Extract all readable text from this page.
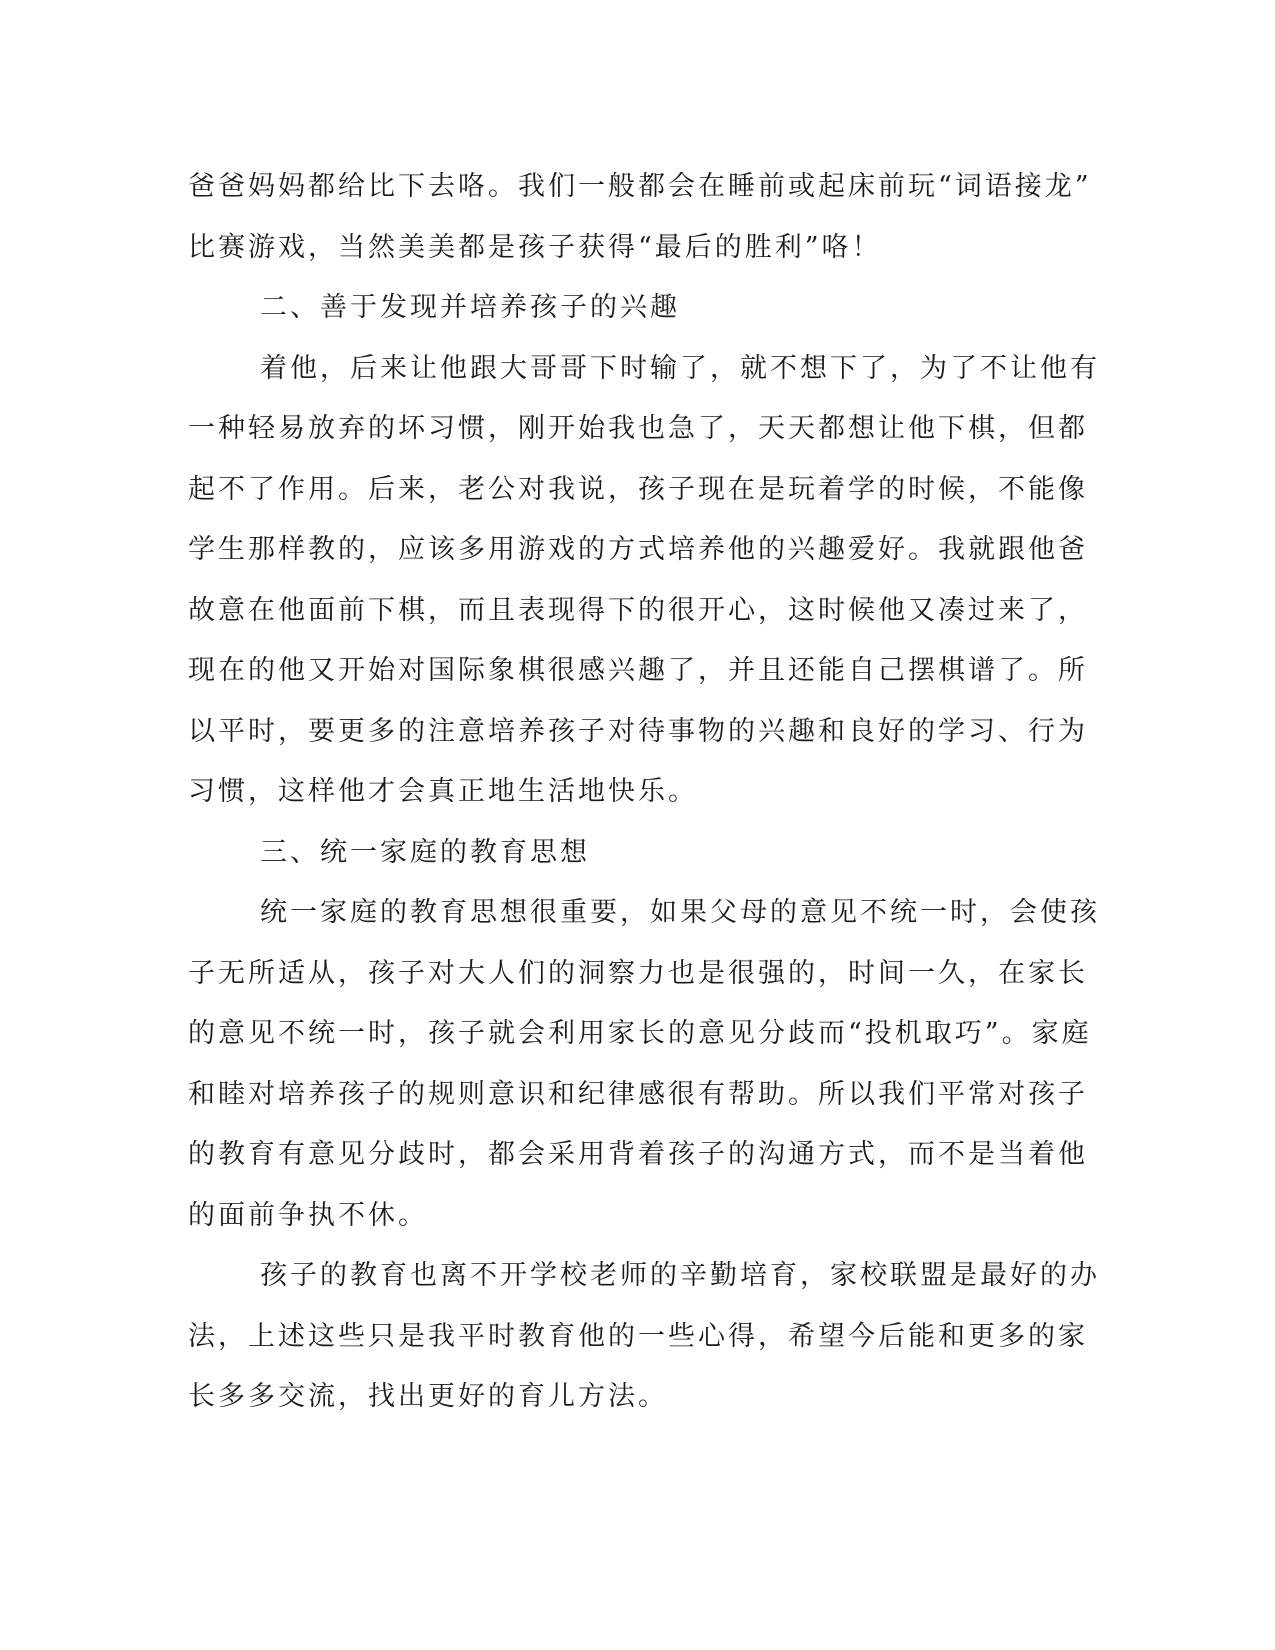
爸爸妈妈都给比下去咯。我们一般都会在睡前或起床前玩“词语接龙”
比赛游戏，当然美美都是孩子获得“最后的胜利”咯！
二、善于发现并培养孩子的兴趣
着他，后来让他跟大哥哥下时输了，就不想下了，为了不让他有
一种轻易放弃的坏习惯，刚开始我也急了，天天都想让他下棋，但都
起不了作用。后来，老公对我说，孩子现在是玩着学的时候，不能像
学生那样教的，应该多用游戏的方式培养他的兴趣爱好。我就跟他爸
故意在他面前下棋，而且表现得下的很开心，这时候他又凑过来了，
现在的他又开始对国际象棋很感兴趣了，并且还能自己摆棋谱了。所
以平时，要更多的注意培养孩子对待事物的兴趣和良好的学习、行为
习惯，这样他才会真正地生活地快乐。
三、统一家庭的教育思想
统一家庭的教育思想很重要，如果父母的意见不统一时，会使孩
子无所适从，孩子对大人们的洞察力也是很强的，时间一久，在家长
的意见不统一时，孩子就会利用家长的意见分歧而“投机取巧”。家庭
和睦对培养孩子的规则意识和纪律感很有帮助。所以我们平常对孩子
的教育有意见分歧时，都会采用背着孩子的沟通方式，而不是当着他
的面前争执不休。
孩子的教育也离不开学校老师的辛勤培育，家校联盟是最好的办
法，上述这些只是我平时教育他的一些心得，希望今后能和更多的家
长多多交流，找出更好的育儿方法。
